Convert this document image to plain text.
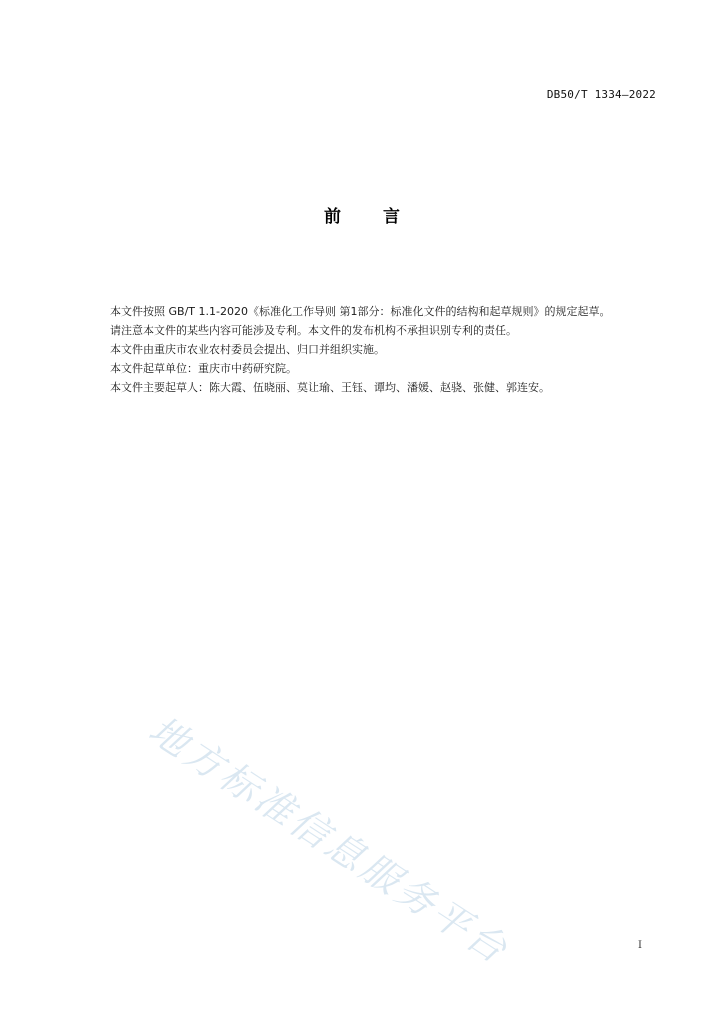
DB50/T 1334—2022
前 言

本文件按照 GB/T 1.1-2020《标准化工作导则 第1部分：标准化文件的结构和起草规则》的规定起草。

请注意本文件的某些内容可能涉及专利。本文件的发布机构不承担识别专利的责任。

本文件由重庆市农业农村委员会提出、归口并组织实施。

本文件起草单位：重庆市中药研究院。

本文件主要起草人：陈大霞、伍晓丽、莫让瑜、王钰、谭均、潘媛、赵骁、张健、郭连安。

地方标准信息服务平台	I
